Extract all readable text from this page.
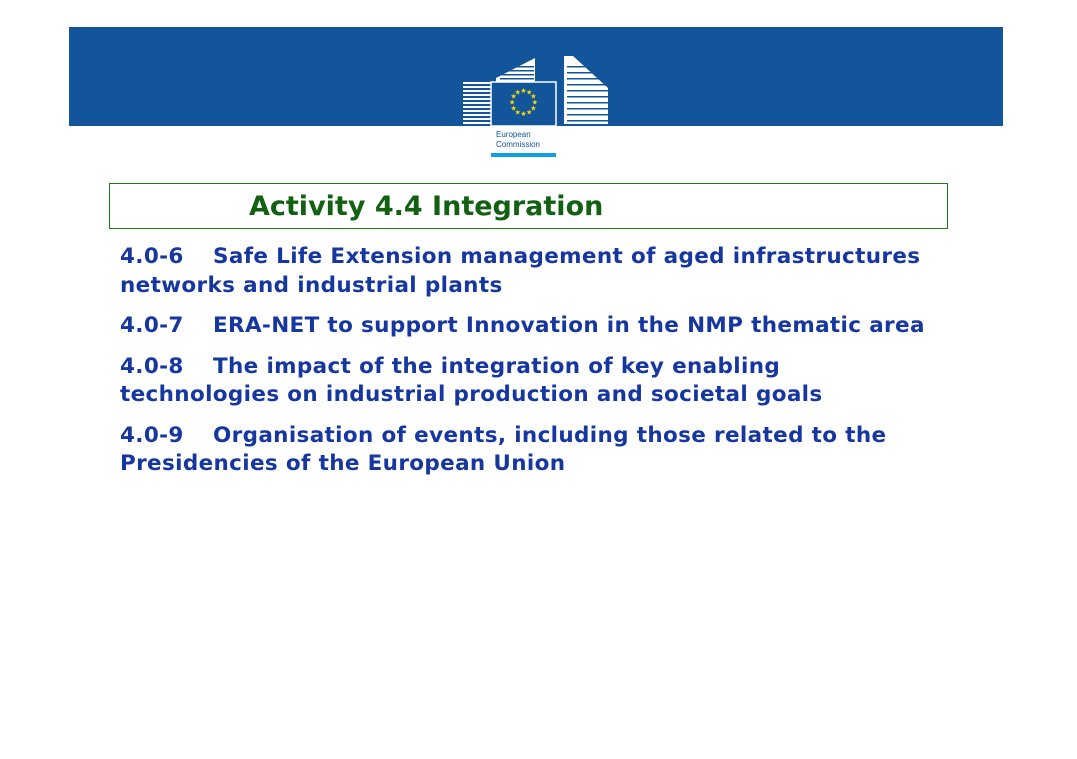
★ ★
★
★
★
★
★
★
★
★
★
★
European
Commission
Activity 4.4 Integration
4.0-6 Safe Life Extension management of aged infrastructures networks and industrial plants
4.0-7 ERA-NET to support Innovation in the NMP thematic area
4.0-8 The impact of the integration of key enabling technologies on industrial production and societal goals
4.0-9 Organisation of events, including those related to the Presidencies of the European Union
